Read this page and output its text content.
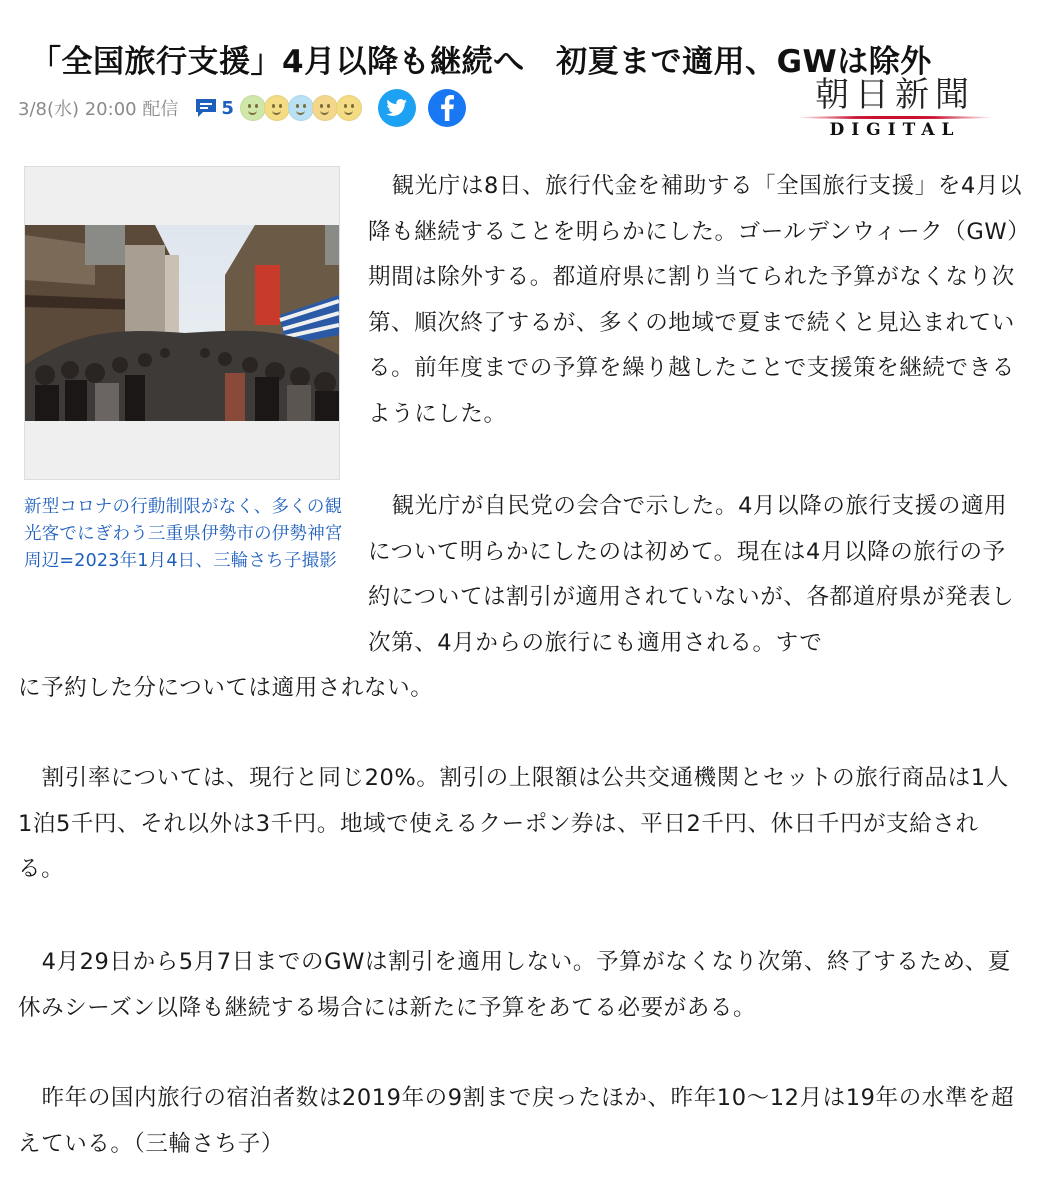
「全国旅行支援」4月以降も継続へ　初夏まで適用、GWは除外
3/8(水) 20:00 配信 5	朝日新聞
DIGITAL
新型コロナの行動制限がなく、多くの観光客でにぎわう三重県伊勢市の伊勢神宮周辺=2023年1月4日、三輪さち子撮影

観光庁は8日、旅行代金を補助する「全国旅行支援」を4月以降も継続することを明らかにした。ゴールデンウィーク（GW）期間は除外する。都道府県に割り当てられた予算がなくなり次第、順次終了するが、多くの地域で夏まで続くと見込まれている。前年度までの予算を繰り越したことで支援策を継続できるようにした。

観光庁が自民党の会合で示した。4月以降の旅行支援の適用について明らかにしたのは初めて。現在は4月以降の旅行の予約については割引が適用されていないが、各都道府県が発表し次第、4月からの旅行にも適用される。すで

に予約した分については適用されない。

割引率については、現行と同じ20%。割引の上限額は公共交通機関とセットの旅行商品は1人1泊5千円、それ以外は3千円。地域で使えるクーポン券は、平日2千円、休日千円が支給される。

4月29日から5月7日までのGWは割引を適用しない。予算がなくなり次第、終了するため、夏休みシーズン以降も継続する場合には新たに予算をあてる必要がある。

昨年の国内旅行の宿泊者数は2019年の9割まで戻ったほか、昨年10～12月は19年の水準を超えている。（三輪さち子）
